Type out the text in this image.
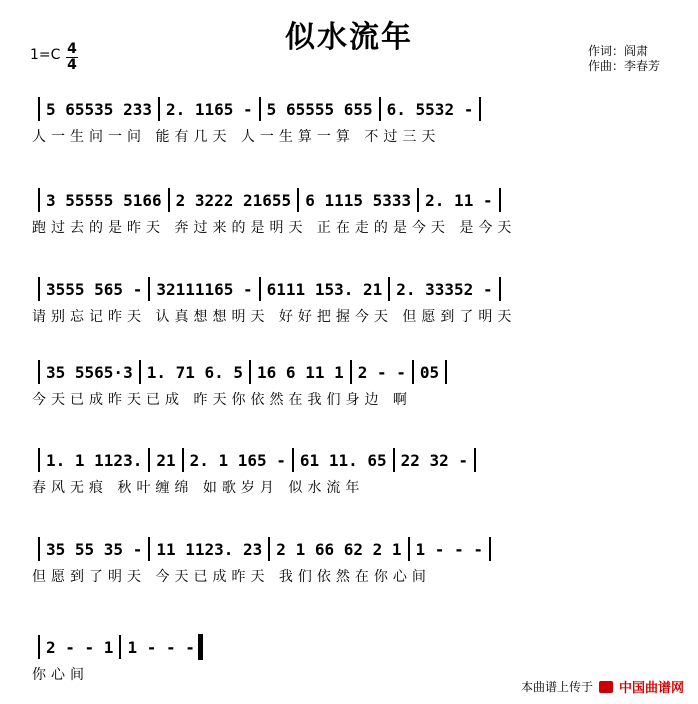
似水流年
1=C 4
4
作词：阎肃
作曲：李春芳
5 65535 233 2. 1165 - 5 65555 655 6. 5532 -
人一生问一问 能有几天 人一生算一算 不过三天
3 55555 5166 2 3222 21655 6 1115 5333 2. 11 -
跑过去的是昨天 奔过来的是明天 正在走的是今天 是今天
3555 565 - 32111165 - 6111 153. 21 2. 33352 -
请别忘记昨天 认真想想明天 好好把握今天 但愿到了明天
35 5565·3 1. 71 6. 5 16 6 11 1 2 - - 05
今天已成昨天已成 昨天你依然在我们身边 啊
1. 1 1123. 21 2. 1 165 - 61 11. 65 22 32 -
春风无痕 秋叶缠绵 如歌岁月 似水流年
35 55 35 - 11 1123. 23 2 1 66 62 2 1 1 - - -
但愿到了明天 今天已成昨天 我们依然在你心间
2 - - 1 1 - - -
你心间
本曲谱上传于 中国曲谱网
